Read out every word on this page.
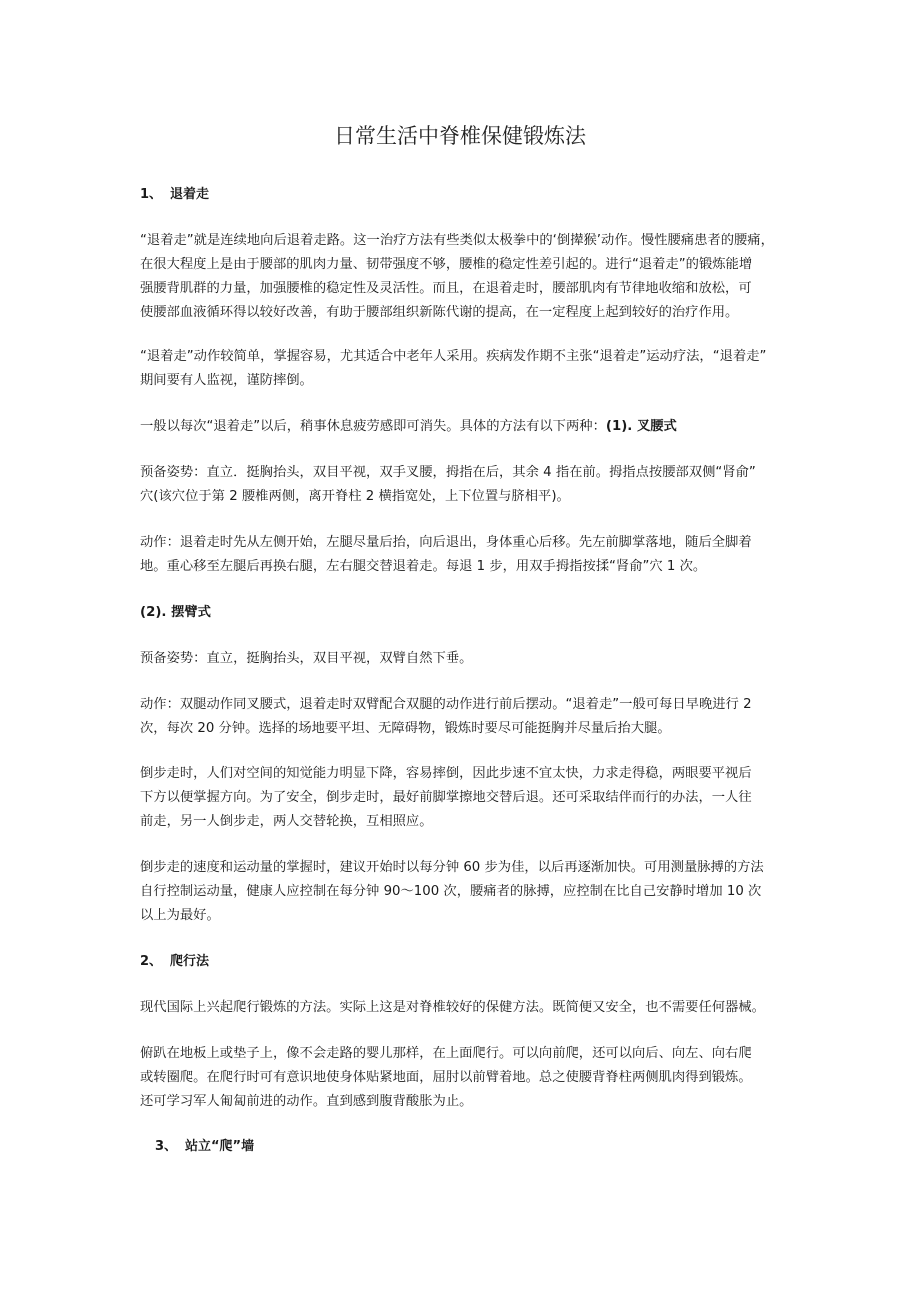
日常生活中脊椎保健锻炼法
1、 退着走
“退着走”就是连续地向后退着走路。这一治疗方法有些类似太极拳中的‘倒撵猴’动作。慢性腰痛患者的腰痛，
在很大程度上是由于腰部的肌肉力量、韧带强度不够，腰椎的稳定性差引起的。进行“退着走”的锻炼能增
强腰背肌群的力量，加强腰椎的稳定性及灵活性。而且，在退着走时，腰部肌肉有节律地收缩和放松，可
使腰部血液循环得以较好改善，有助于腰部组织新陈代谢的提高，在一定程度上起到较好的治疗作用。
“退着走”动作较简单，掌握容易，尤其适合中老年人采用。疾病发作期不主张“退着走”运动疗法，“退着走”
期间要有人监视，谨防摔倒。
一般以每次“退着走”以后，稍事休息疲劳感即可消失。具体的方法有以下两种：(1). 叉腰式
预备姿势：直立．挺胸抬头，双目平视，双手叉腰，拇指在后，其余 4 指在前。拇指点按腰部双侧“肾俞”
穴(该穴位于第 2 腰椎两侧，离开脊柱 2 横指宽处，上下位置与脐相平)。
动作：退着走时先从左侧开始，左腿尽量后抬，向后退出，身体重心后移。先左前脚掌落地，随后全脚着
地。重心移至左腿后再换右腿，左右腿交替退着走。每退 1 步，用双手拇指按揉“肾俞”穴 1 次。
(2). 摆臂式
预备姿势：直立，挺胸抬头，双目平视，双臂自然下垂。
动作：双腿动作同叉腰式，退着走时双臂配合双腿的动作进行前后摆动。“退着走”一般可每日早晚进行 2
次，每次 20 分钟。选择的场地要平坦、无障碍物，锻炼时要尽可能挺胸并尽量后抬大腿。
倒步走时，人们对空间的知觉能力明显下降，容易摔倒，因此步速不宜太快，力求走得稳，两眼要平视后
下方以便掌握方向。为了安全，倒步走时，最好前脚掌擦地交替后退。还可采取结伴而行的办法，一人往
前走，另一人倒步走，两人交替轮换，互相照应。
倒步走的速度和运动量的掌握时，建议开始时以每分钟 60 步为佳，以后再逐渐加快。可用测量脉搏的方法
自行控制运动量，健康人应控制在每分钟 90～100 次，腰痛者的脉搏，应控制在比自己安静时增加 10 次
以上为最好。
2、 爬行法
现代国际上兴起爬行锻炼的方法。实际上这是对脊椎较好的保健方法。既简便又安全，也不需要任何器械。
俯趴在地板上或垫子上，像不会走路的婴儿那样，在上面爬行。可以向前爬，还可以向后、向左、向右爬
或转圈爬。在爬行时可有意识地使身体贴紧地面，屈肘以前臂着地。总之使腰背脊柱两侧肌肉得到锻炼。
还可学习军人匍匐前进的动作。直到感到腹背酸胀为止。
3、 站立“爬”墙
